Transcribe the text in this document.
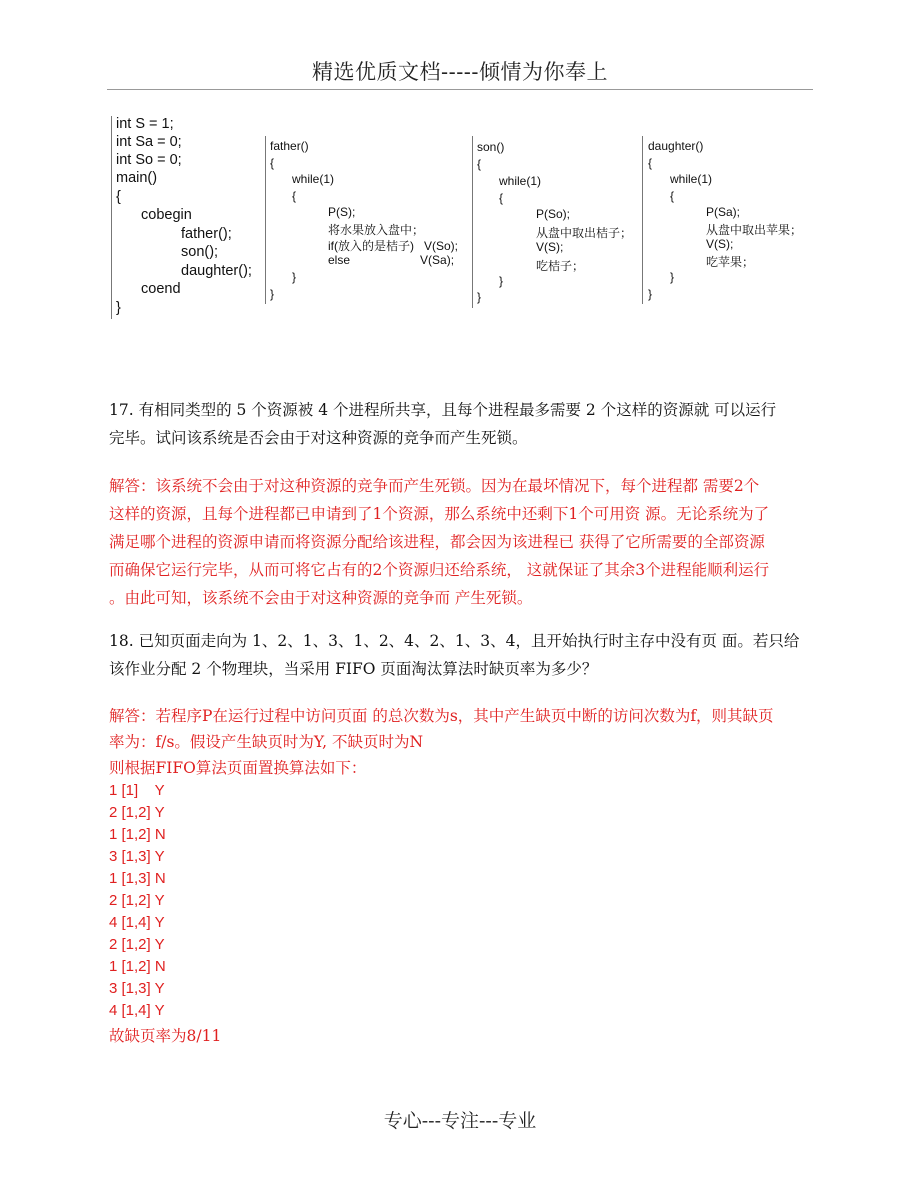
精选优质文档-----倾情为你奉上
int S = 1;
int Sa = 0;
int So = 0;
main()
{
cobegin
father();
son();
daughter();
coend
}
father()
{
while(1)
{
P(S);
将水果放入盘中；
if(放入的是桔子)   V(So);
else                     V(Sa);
}
}
son()
{
while(1)
{
P(So);
从盘中取出桔子；
V(S);
吃桔子；
}
}
daughter()
{
while(1)
{
P(Sa);
从盘中取出苹果；
V(S);
吃苹果；
}
}
17. 有相同类型的 5 个资源被 4 个进程所共享，且每个进程最多需要 2 个这样的资源就 可以运行
完毕。试问该系统是否会由于对这种资源的竞争而产生死锁。
解答：该系统不会由于对这种资源的竞争而产生死锁。因为在最坏情况下，每个进程都 需要2个
这样的资源，且每个进程都已申请到了1个资源，那么系统中还剩下1个可用资 源。无论系统为了
满足哪个进程的资源申请而将资源分配给该进程，都会因为该进程已 获得了它所需要的全部资源
而确保它运行完毕，从而可将它占有的2个资源归还给系统， 这就保证了其余3个进程能顺利运行
。由此可知，该系统不会由于对这种资源的竞争而 产生死锁。
18. 已知页面走向为 1、2、1、3、1、2、4、2、1、3、4，且开始执行时主存中没有页 面。若只给
该作业分配 2 个物理块，当采用 FIFO 页面淘汰算法时缺页率为多少？
解答：若程序P在运行过程中访问页面 的总次数为s，其中产生缺页中断的访问次数为f，则其缺页
率为：f/s。假设产生缺页时为Y, 不缺页时为N
则根据FIFO算法页面置换算法如下：
1 [1]    Y
2 [1,2] Y
1 [1,2] N
3 [1,3] Y
1 [1,3] N
2 [1,2] Y
4 [1,4] Y
2 [1,2] Y
1 [1,2] N
3 [1,3] Y
4 [1,4] Y
故缺页率为8/11
专心---专注---专业
